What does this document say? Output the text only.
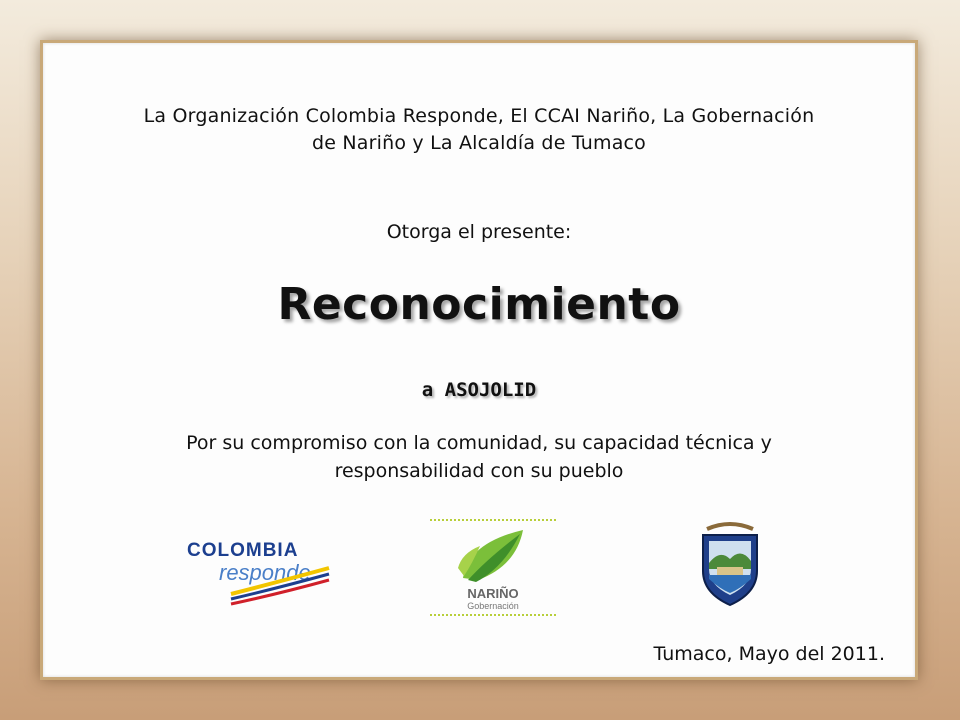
La Organización Colombia Responde, El CCAI Nariño, La Gobernación
de Nariño y La Alcaldía de Tumaco
Otorga el presente:
Reconocimiento
a ASOJOLID
Por su compromiso con la comunidad, su capacidad técnica y
responsabilidad con su pueblo
COLOMBIA
responde
NARIÑO
Gobernación
Tumaco, Mayo del 2011.
